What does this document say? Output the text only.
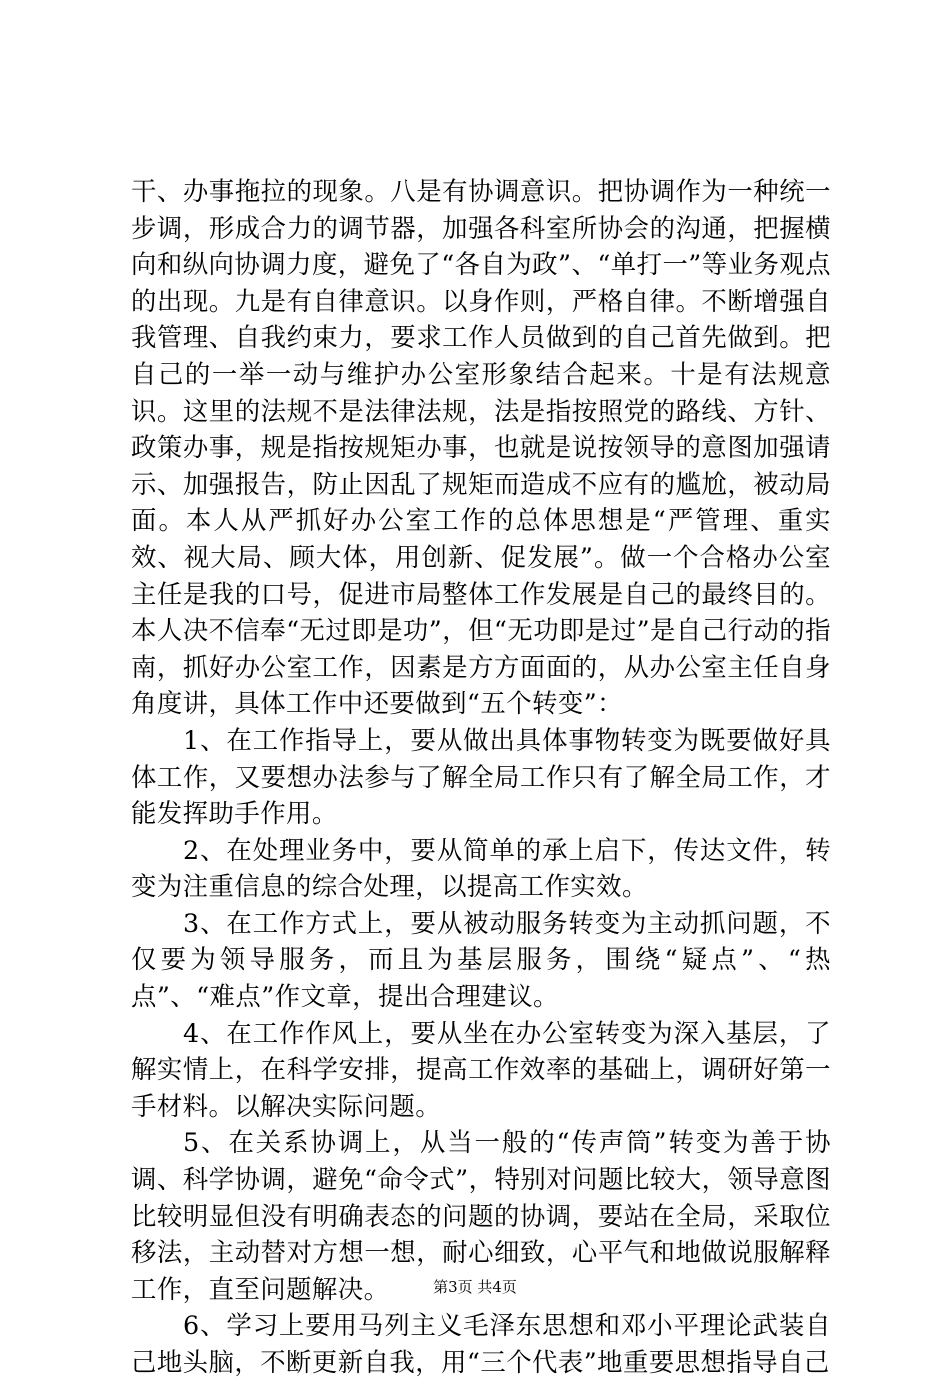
干、办事拖拉的现象。八是有协调意识。把协调作为一种统一步调，形成合力的调节器，加强各科室所协会的沟通，把握横向和纵向协调力度，避免了“各自为政”、“单打一”等业务观点的出现。九是有自律意识。以身作则，严格自律。不断增强自我管理、自我约束力，要求工作人员做到的自己首先做到。把自己的一举一动与维护办公室形象结合起来。十是有法规意识。这里的法规不是法律法规，法是指按照党的路线、方针、政策办事，规是指按规矩办事，也就是说按领导的意图加强请示、加强报告，防止因乱了规矩而造成不应有的尴尬，被动局面。本人从严抓好办公室工作的总体思想是“严管理、重实效、视大局、顾大体，用创新、促发展”。做一个合格办公室主任是我的口号，促进市局整体工作发展是自己的最终目的。本人决不信奉“无过即是功”，但“无功即是过”是自己行动的指南，抓好办公室工作，因素是方方面面的，从办公室主任自身角度讲，具体工作中还要做到“五个转变”：

1、在工作指导上，要从做出具体事物转变为既要做好具体工作，又要想办法参与了解全局工作只有了解全局工作，才能发挥助手作用。

2、在处理业务中，要从简单的承上启下，传达文件，转变为注重信息的综合处理，以提高工作实效。

3、在工作方式上，要从被动服务转变为主动抓问题，不仅要为领导服务，而且为基层服务，围绕“疑点”、“热点”、“难点”作文章，提出合理建议。

4、在工作作风上，要从坐在办公室转变为深入基层，了解实情上，在科学安排，提高工作效率的基础上，调研好第一手材料。以解决实际问题。

5、在关系协调上，从当一般的“传声筒”转变为善于协调、科学协调，避免“命令式”，特别对问题比较大，领导意图比较明显但没有明确表态的问题的协调，要站在全局，采取位移法，主动替对方想一想，耐心细致，心平气和地做说服解释工作，直至问题解决。

6、学习上要用马列主义毛泽东思想和邓小平理论武装自己地头脑，不断更新自我，用“三个代表”地重要思想指导自己

第3页 共4页
